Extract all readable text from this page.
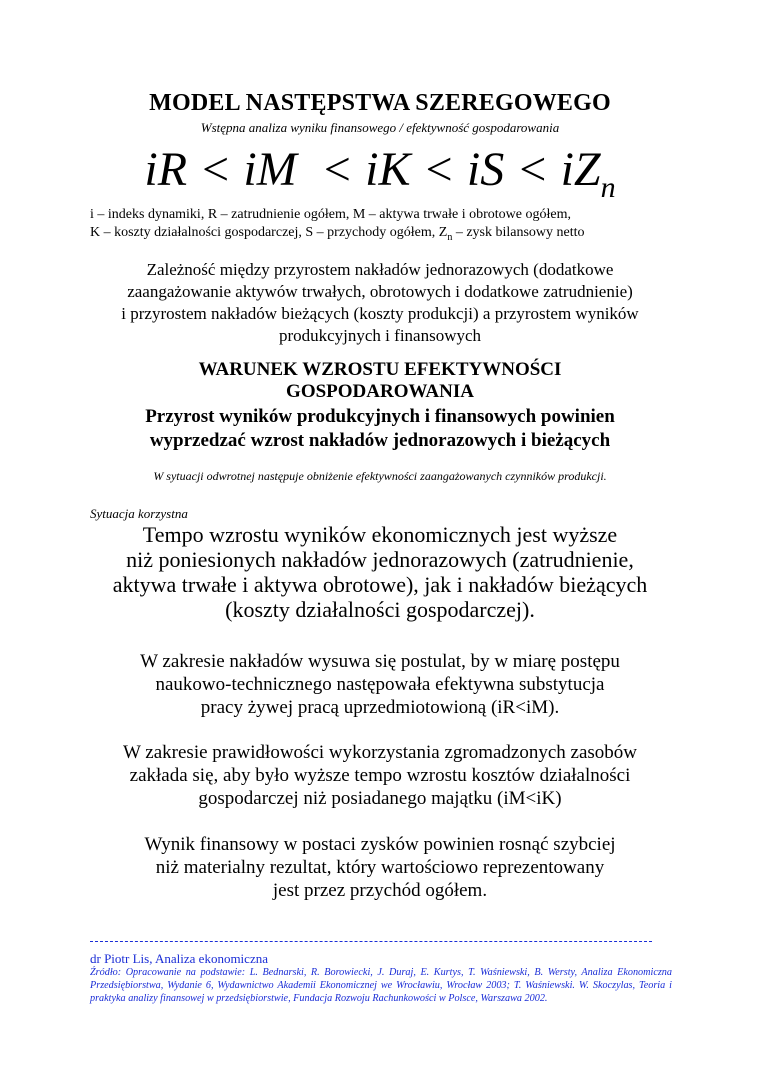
MODEL NASTĘPSTWA SZEREGOWEGO
Wstępna analiza wyniku finansowego / efektywność gospodarowania
iR < iM  < iK < iS < $iZ_n$
i – indeks dynamiki, R – zatrudnienie ogółem, M – aktywa trwałe i obrotowe ogółem,
K – koszty działalności gospodarczej, S – przychody ogółem, $Z_n$ – zysk bilansowy netto
Zależność między przyrostem nakładów jednorazowych (dodatkowe
zaangażowanie aktywów trwałych, obrotowych i dodatkowe zatrudnienie)
i przyrostem nakładów bieżących (koszty produkcji) a przyrostem wyników
produkcyjnych i finansowych
WARUNEK WZROSTU EFEKTYWNOŚCI
GOSPODAROWANIA
Przyrost wyników produkcyjnych i finansowych powinien
wyprzedzać wzrost nakładów jednorazowych i bieżących
W sytuacji odwrotnej następuje obniżenie efektywności zaangażowanych czynników produkcji.
Sytuacja korzystna
Tempo wzrostu wyników ekonomicznych jest wyższe
niż poniesionych nakładów jednorazowych (zatrudnienie,
aktywa trwałe i aktywa obrotowe), jak i nakładów bieżących
(koszty działalności gospodarczej).
W zakresie nakładów wysuwa się postulat, by w miarę postępu
naukowo-technicznego następowała efektywna substytucja
pracy żywej pracą uprzedmiotowioną (iR<iM).
W zakresie prawidłowości wykorzystania zgromadzonych zasobów
zakłada się, aby było wyższe tempo wzrostu kosztów działalności
gospodarczej niż posiadanego majątku (iM<iK)
Wynik finansowy w postaci zysków powinien rosnąć szybciej
niż materialny rezultat, który wartościowo reprezentowany
jest przez przychód ogółem.
dr Piotr Lis, Analiza ekonomiczna
Źródło: Opracowanie na podstawie: L. Bednarski, R. Borowiecki, J. Duraj, E. Kurtys, T. Waśniewski, B. Wersty, Analiza Ekonomiczna Przedsiębiorstwa, Wydanie 6, Wydawnictwo Akademii Ekonomicznej we Wrocławiu, Wrocław 2003; T. Waśniewski. W. Skoczylas, Teoria i praktyka analizy finansowej w przedsiębiorstwie, Fundacja Rozwoju Rachunkowości w Polsce, Warszawa 2002.
